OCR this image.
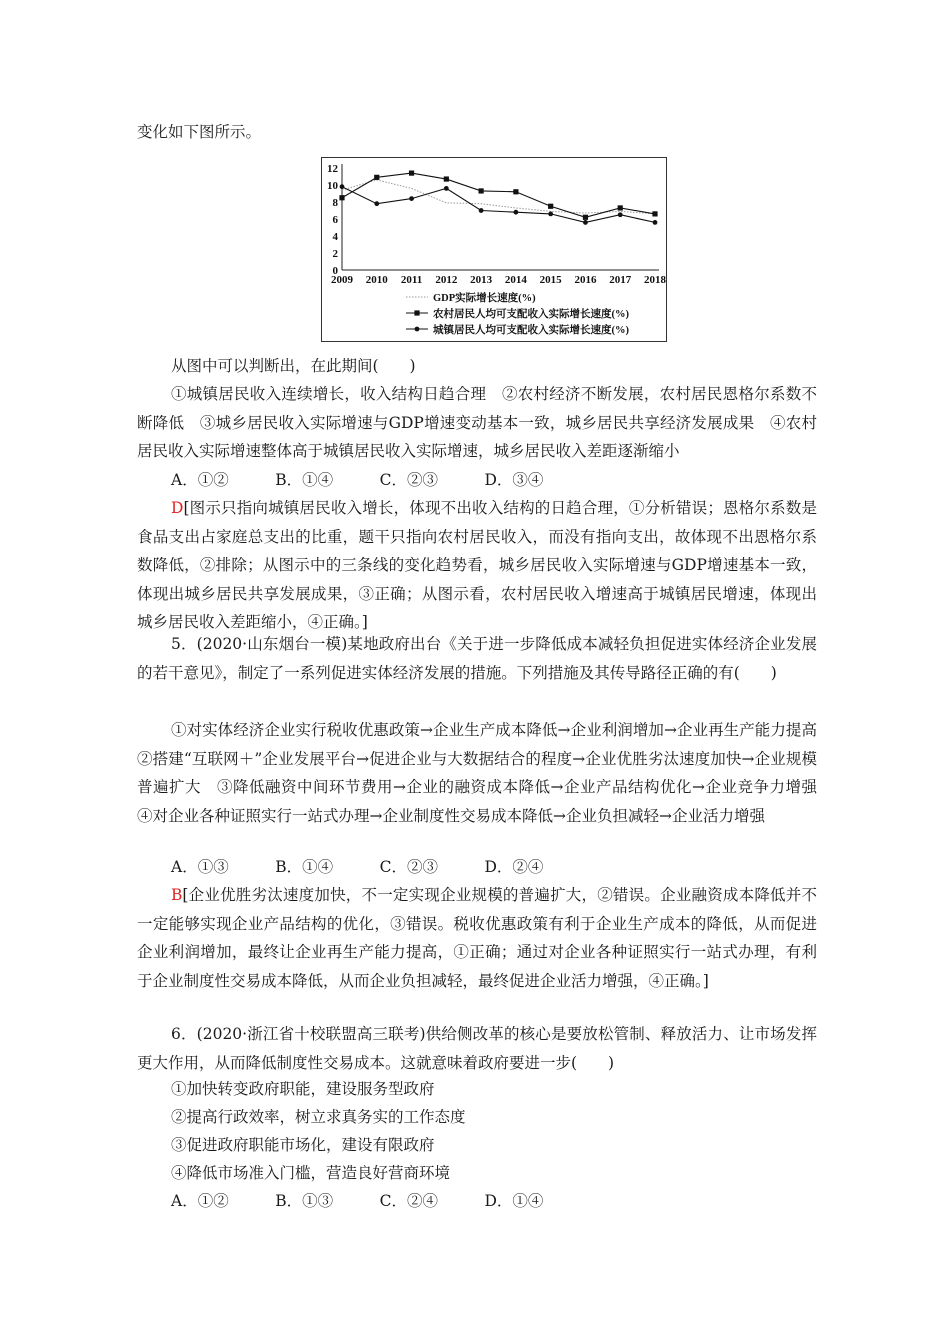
变化如下图所示。

0
2
4
6
8
10
12
2009 2010 2011 2012 2013 2014 2015 2016 2017 2018
GDP实际增长速度(%)
农村居民人均可支配收入实际增长速度(%)
城镇居民人均可支配收入实际增长速度(%)

从图中可以判断出，在此期间(　　)

①城镇居民收入连续增长，收入结构日趋合理　②农村经济不断发展，农村居民恩格尔系数不断降低　③城乡居民收入实际增速与GDP增速变动基本一致，城乡居民共享经济发展成果　④农村居民收入实际增速整体高于城镇居民收入实际增速，城乡居民收入差距逐渐缩小

A．①②　　　B．①④　　　C．②③　　　D．③④

D[图示只指向城镇居民收入增长，体现不出收入结构的日趋合理，①分析错误；恩格尔系数是食品支出占家庭总支出的比重，题干只指向农村居民收入，而没有指向支出，故体现不出恩格尔系数降低，②排除；从图示中的三条线的变化趋势看，城乡居民收入实际增速与GDP增速基本一致，体现出城乡居民共享发展成果，③正确；从图示看，农村居民收入增速高于城镇居民增速，体现出城乡居民收入差距缩小，④正确。]

5．(2020·山东烟台一模)某地政府出台《关于进一步降低成本减轻负担促进实体经济企业发展的若干意见》，制定了一系列促进实体经济发展的措施。下列措施及其传导路径正确的有(　　)

①对实体经济企业实行税收优惠政策→企业生产成本降低→企业利润增加→企业再生产能力提高　②搭建“互联网＋”企业发展平台→促进企业与大数据结合的程度→企业优胜劣汰速度加快→企业规模普遍扩大　③降低融资中间环节费用→企业的融资成本降低→企业产品结构优化→企业竞争力增强　④对企业各种证照实行一站式办理→企业制度性交易成本降低→企业负担减轻→企业活力增强

A．①③　　　B．①④　　　C．②③　　　D．②④

B[企业优胜劣汰速度加快，不一定实现企业规模的普遍扩大，②错误。企业融资成本降低并不一定能够实现企业产品结构的优化，③错误。税收优惠政策有利于企业生产成本的降低，从而促进企业利润增加，最终让企业再生产能力提高，①正确；通过对企业各种证照实行一站式办理，有利于企业制度性交易成本降低，从而企业负担减轻，最终促进企业活力增强，④正确。]

6．(2020·浙江省十校联盟高三联考)供给侧改革的核心是要放松管制、释放活力、让市场发挥更大作用，从而降低制度性交易成本。这就意味着政府要进一步(　　)

①加快转变政府职能，建设服务型政府

②提高行政效率，树立求真务实的工作态度

③促进政府职能市场化，建设有限政府

④降低市场准入门槛，营造良好营商环境

A．①②　　　B．①③　　　C．②④　　　D．①④
